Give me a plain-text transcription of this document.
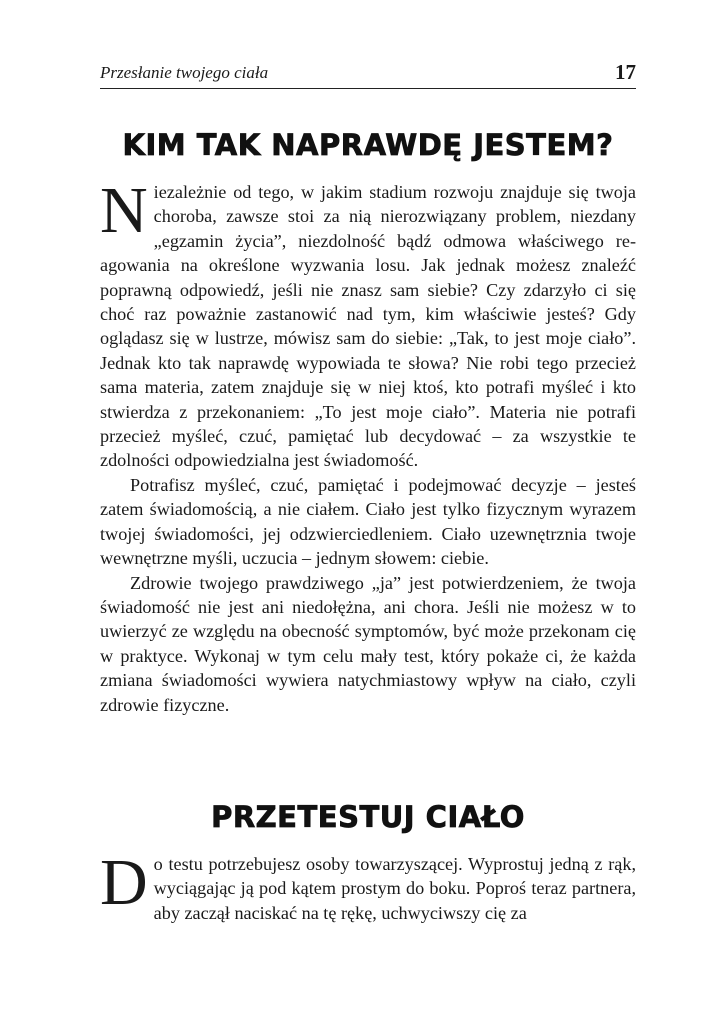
Przesłanie twojego ciała	17
KIM TAK NAPRAWDĘ JESTEM?

Niezależnie od tego, w jakim stadium rozwoju znajduje się twoja choroba, zawsze stoi za nią nierozwiązany problem, niezdany „egzamin życia”, niezdolność bądź odmowa właściwego reagowania na określone wyzwania losu. Jak jednak możesz znaleźć poprawną odpowiedź, jeśli nie znasz sam siebie? Czy zdarzyło ci się choć raz poważnie zastanowić nad tym, kim właściwie jesteś? Gdy oglądasz się w lustrze, mówisz sam do siebie: „Tak, to jest moje ciało”. Jednak kto tak naprawdę wypowiada te słowa? Nie robi tego przecież sama materia, zatem znajduje się w niej ktoś, kto potrafi myśleć i kto stwierdza z przekonaniem: „To jest moje ciało”. Materia nie potrafi przecież myśleć, czuć, pamiętać lub decydować – za wszystkie te zdolności odpowiedzialna jest świadomość.

Potrafisz myśleć, czuć, pamiętać i podejmować decyzje – jesteś zatem świadomością, a nie ciałem. Ciało jest tylko fizycznym wyrazem twojej świadomości, jej odzwierciedleniem. Ciało uzewnętrznia twoje wewnętrzne myśli, uczucia – jednym słowem: ciebie.

Zdrowie twojego prawdziwego „ja” jest potwierdzeniem, że twoja świadomość nie jest ani niedołężna, ani chora. Jeśli nie możesz w to uwierzyć ze względu na obecność symptomów, być może przekonam cię w praktyce. Wykonaj w tym celu mały test, który pokaże ci, że każda zmiana świadomości wywiera natychmiastowy wpływ na ciało, czyli zdrowie fizyczne.

PRZETESTUJ CIAŁO

Do testu potrzebujesz osoby towarzyszącej. Wyprostuj jedną z rąk, wyciągając ją pod kątem prostym do boku. Poproś teraz partnera, aby zaczął naciskać na tę rękę, uchwyciwszy cię za
